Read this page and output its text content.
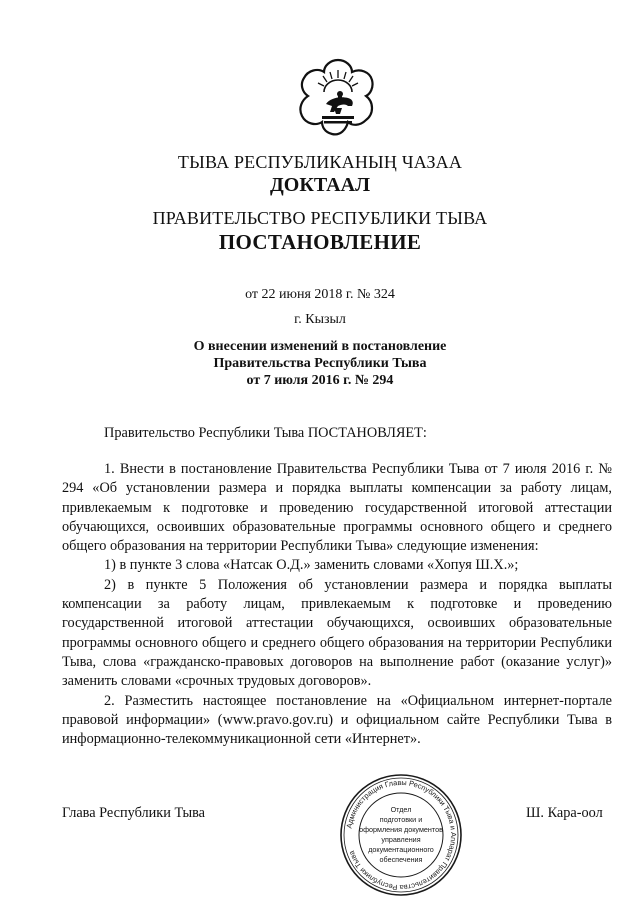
ТЫВА РЕСПУБЛИКАНЫҢ ЧАЗАА
ДОКТААЛ
ПРАВИТЕЛЬСТВО РЕСПУБЛИКИ ТЫВА
ПОСТАНОВЛЕНИЕ
от 22 июня 2018 г. № 324
г. Кызыл
О внесении изменений в постановление
Правительства Республики Тыва
от 7 июля 2016 г. № 294
Правительство Республики Тыва ПОСТАНОВЛЯЕТ:

1. Внести в постановление Правительства Республики Тыва от 7 июля 2016 г. № 294 «Об установлении размера и порядка выплаты компенсации за работу лицам, привлекаемым к подготовке и проведению государственной итоговой аттестации обучающихся, освоивших образовательные программы основного общего и среднего общего образования на территории Республики Тыва» следующие изменения:

1) в пункте 3 слова «Натсак О.Д.» заменить словами «Хопуя Ш.Х.»;

2) в пункте 5 Положения об установлении размера и порядка выплаты компенсации за работу лицам, привлекаемым к подготовке и проведению государственной итоговой аттестации обучающихся, освоивших образовательные программы основного общего и среднего общего образования на территории Республики Тыва, слова «гражданско-правовых договоров на выполнение работ (оказание услуг)» заменить словами «срочных трудовых договоров».

2. Разместить настоящее постановление на «Официальном интернет-портале правовой информации» (www.pravo.gov.ru) и официальном сайте Республики Тыва в информационно-телекоммуникационной сети «Интернет».

Глава Республики Тыва	Ш. Кара-оол
Администрация Главы Республики Тыва и Аппарат Правительства Республики Тыва
Отдел
подготовки и
оформления документов
управления
документационного
обеспечения
